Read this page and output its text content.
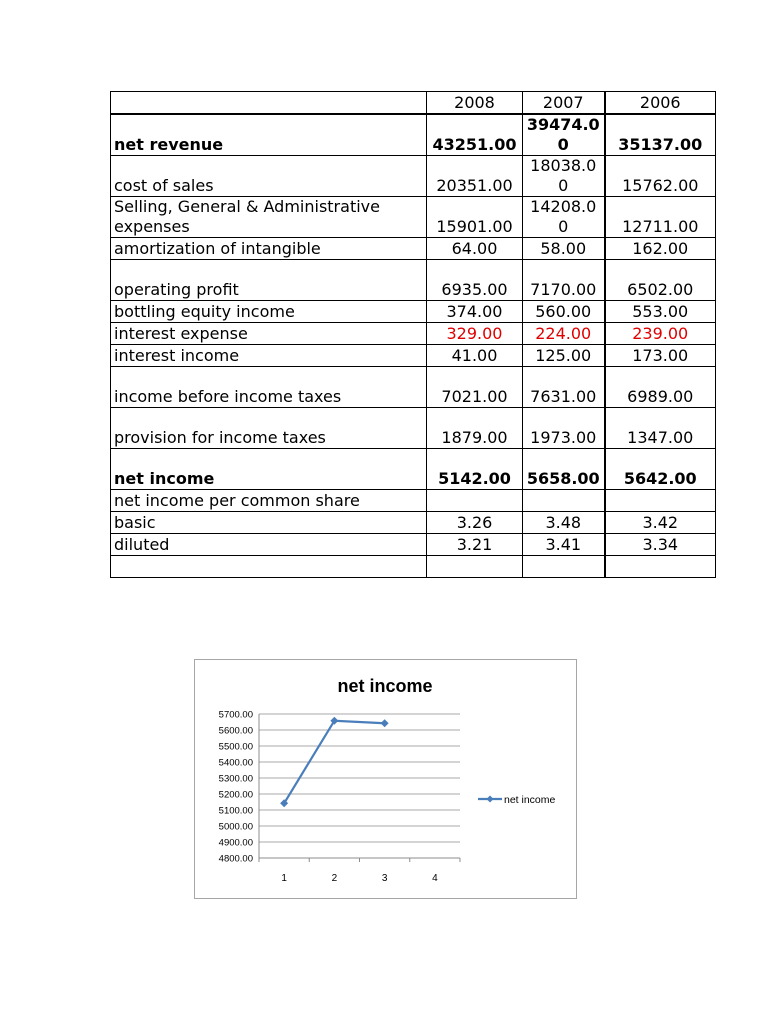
	2008	2007	2006
net revenue	43251.00	39474.00	35137.00
cost of sales	20351.00	18038.00	15762.00
Selling, General & Administrative expenses	15901.00	14208.00	12711.00
amortization of intangible	64.00	58.00	162.00
operating profit	6935.00	7170.00	6502.00
bottling equity income	374.00	560.00	553.00
interest expense	329.00	224.00	239.00
interest income	41.00	125.00	173.00
income before income taxes	7021.00	7631.00	6989.00
provision for income taxes	1879.00	1973.00	1347.00
net income	5142.00	5658.00	5642.00
net income per common share			
basic	3.26	3.48	3.42
diluted	3.21	3.41	3.34

net income
5700.00
5600.00
5500.00
5400.00
5300.00
5200.00
5100.00
5000.00
4900.00
4800.00
1	2	3	4
net income
